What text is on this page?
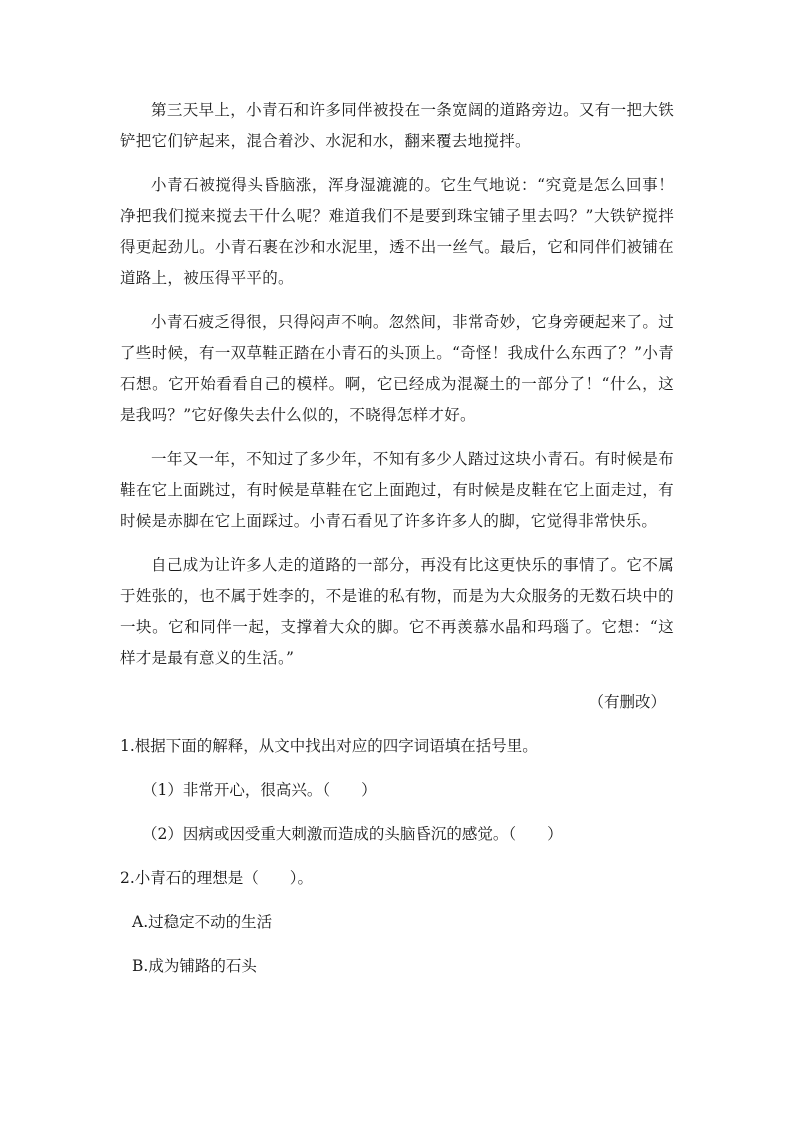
第三天早上，小青石和许多同伴被投在一条宽阔的道路旁边。又有一把大铁铲把它们铲起来，混合着沙、水泥和水，翻来覆去地搅拌。

小青石被搅得头昏脑涨，浑身湿漉漉的。它生气地说：“究竟是怎么回事！净把我们搅来搅去干什么呢？难道我们不是要到珠宝铺子里去吗？”大铁铲搅拌得更起劲儿。小青石裹在沙和水泥里，透不出一丝气。最后，它和同伴们被铺在道路上，被压得平平的。

小青石疲乏得很，只得闷声不响。忽然间，非常奇妙，它身旁硬起来了。过了些时候，有一双草鞋正踏在小青石的头顶上。“奇怪！我成什么东西了？”小青石想。它开始看看自己的模样。啊，它已经成为混凝土的一部分了！“什么，这是我吗？”它好像失去什么似的，不晓得怎样才好。

一年又一年，不知过了多少年，不知有多少人踏过这块小青石。有时候是布鞋在它上面跳过，有时候是草鞋在它上面跑过，有时候是皮鞋在它上面走过，有时候是赤脚在它上面踩过。小青石看见了许多许多人的脚，它觉得非常快乐。

自己成为让许多人走的道路的一部分，再没有比这更快乐的事情了。它不属于姓张的，也不属于姓李的，不是谁的私有物，而是为大众服务的无数石块中的一块。它和同伴一起，支撑着大众的脚。它不再羡慕水晶和玛瑙了。它想：“这样才是最有意义的生活。”

（有删改）
1.根据下面的解释，从文中找出对应的四字词语填在括号里。
（1）非常开心，很高兴。（　　）
（2）因病或因受重大刺激而造成的头脑昏沉的感觉。（　　）
2.小青石的理想是（　　）。
A.过稳定不动的生活
B.成为铺路的石头
